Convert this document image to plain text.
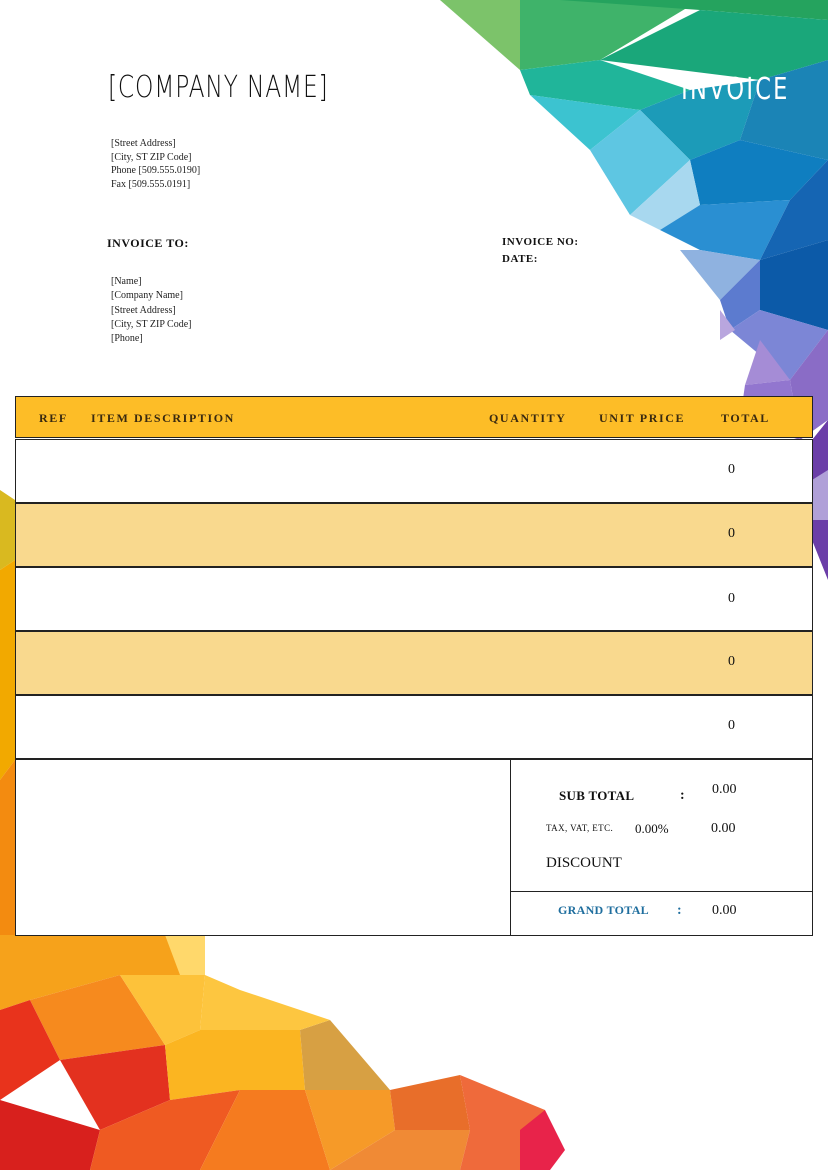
[COMPANY NAME]	INVOICE
[Street Address]
[City, ST ZIP Code]
Phone [509.555.0190]
Fax [509.555.0191]
INVOICE TO:	INVOICE NO:
DATE:
[Name]
[Company Name]
[Street Address]
[City, ST ZIP Code]
[Phone]
REF ITEM DESCRIPTION	QUANTITY	UNIT PRICE	TOTAL
0
0
0
0
0
SUB TOTAL	: 0.00
TAX, VAT, ETC. 0.00%	0.00
DISCOUNT
GRAND TOTAL : 0.00
